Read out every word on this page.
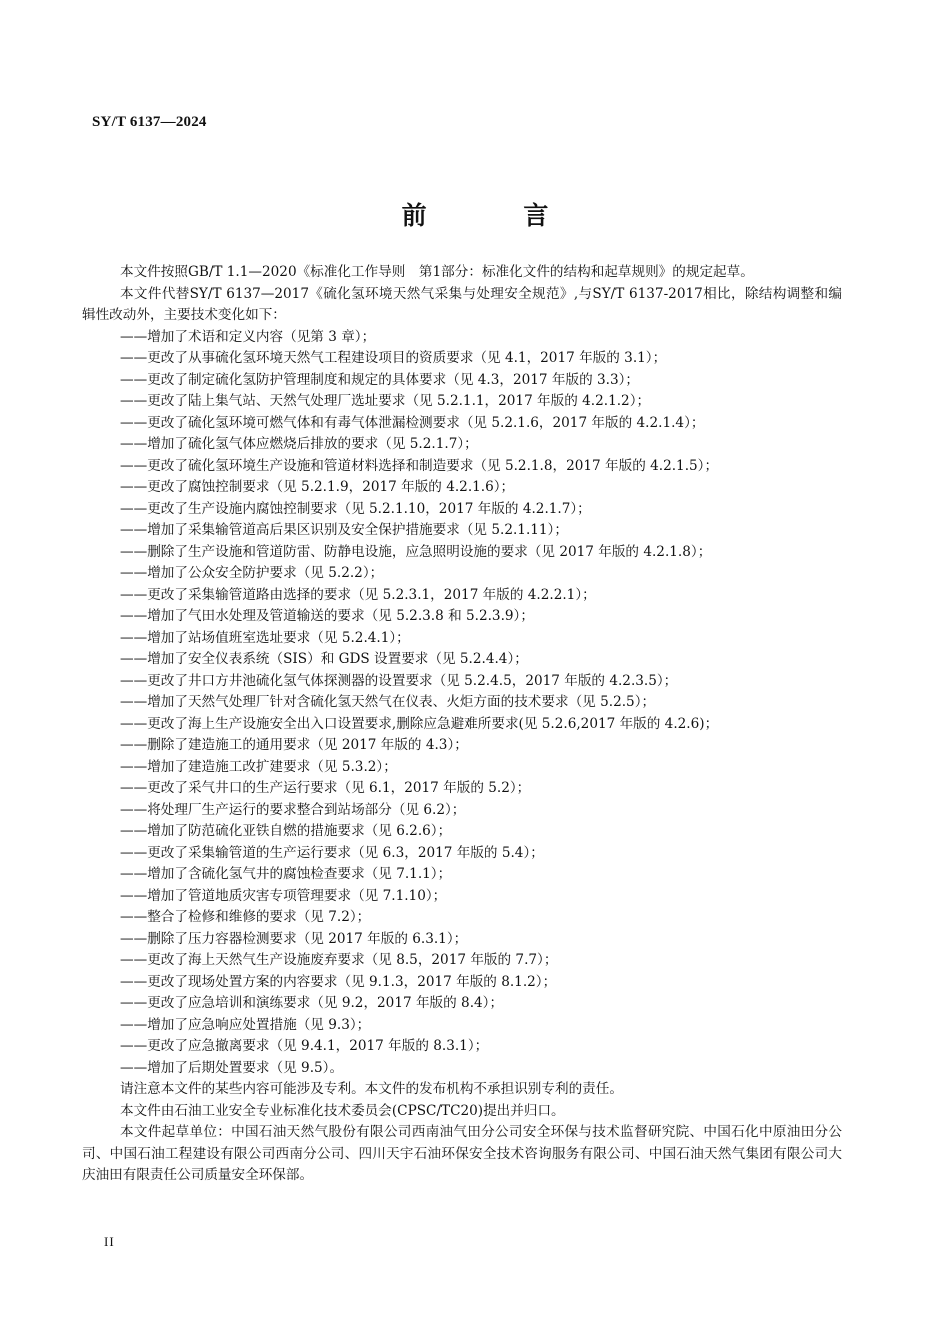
SY/T 6137—2024
前 言

本文件按照GB/T 1.1—2020《标准化工作导则　第1部分：标准化文件的结构和起草规则》的规定起草。

本文件代替SY/T 6137—2017《硫化氢环境天然气采集与处理安全规范》,与SY/T 6137-2017相比，除结构调整和编辑性改动外，主要技术变化如下：

——增加了术语和定义内容（见第 3 章）；
——更改了从事硫化氢环境天然气工程建设项目的资质要求（见 4.1，2017 年版的 3.1）；
——更改了制定硫化氢防护管理制度和规定的具体要求（见 4.3，2017 年版的 3.3）；
——更改了陆上集气站、天然气处理厂选址要求（见 5.2.1.1，2017 年版的 4.2.1.2）；
——更改了硫化氢环境可燃气体和有毒气体泄漏检测要求（见 5.2.1.6，2017 年版的 4.2.1.4）；
——增加了硫化氢气体应燃烧后排放的要求（见 5.2.1.7）；
——更改了硫化氢环境生产设施和管道材料选择和制造要求（见 5.2.1.8，2017 年版的 4.2.1.5）；
——更改了腐蚀控制要求（见 5.2.1.9，2017 年版的 4.2.1.6）；
——更改了生产设施内腐蚀控制要求（见 5.2.1.10，2017 年版的 4.2.1.7）；
——增加了采集输管道高后果区识别及安全保护措施要求（见 5.2.1.11）；
——删除了生产设施和管道防雷、防静电设施，应急照明设施的要求（见 2017 年版的 4.2.1.8）；
——增加了公众安全防护要求（见 5.2.2）；
——更改了采集输管道路由选择的要求（见 5.2.3.1，2017 年版的 4.2.2.1）；
——增加了气田水处理及管道输送的要求（见 5.2.3.8 和 5.2.3.9）；
——增加了站场值班室选址要求（见 5.2.4.1）；
——增加了安全仪表系统（SIS）和 GDS 设置要求（见 5.2.4.4）；
——更改了井口方井池硫化氢气体探测器的设置要求（见 5.2.4.5，2017 年版的 4.2.3.5）；
——增加了天然气处理厂针对含硫化氢天然气在仪表、火炬方面的技术要求（见 5.2.5）；
——更改了海上生产设施安全出入口设置要求,删除应急避难所要求(见 5.2.6,2017 年版的 4.2.6)；
——删除了建造施工的通用要求（见 2017 年版的 4.3）；
——增加了建造施工改扩建要求（见 5.3.2）；
——更改了采气井口的生产运行要求（见 6.1，2017 年版的 5.2）；
——将处理厂生产运行的要求整合到站场部分（见 6.2）；
——增加了防范硫化亚铁自燃的措施要求（见 6.2.6）；
——更改了采集输管道的生产运行要求（见 6.3，2017 年版的 5.4）；
——增加了含硫化氢气井的腐蚀检查要求（见 7.1.1）；
——增加了管道地质灾害专项管理要求（见 7.1.10）；
——整合了检修和维修的要求（见 7.2）；
——删除了压力容器检测要求（见 2017 年版的 6.3.1）；
——更改了海上天然气生产设施废弃要求（见 8.5，2017 年版的 7.7）；
——更改了现场处置方案的内容要求（见 9.1.3，2017 年版的 8.1.2）；
——更改了应急培训和演练要求（见 9.2，2017 年版的 8.4）；
——增加了应急响应处置措施（见 9.3）；
——更改了应急撤离要求（见 9.4.1，2017 年版的 8.3.1）；
——增加了后期处置要求（见 9.5）。

请注意本文件的某些内容可能涉及专利。本文件的发布机构不承担识别专利的责任。

本文件由石油工业安全专业标准化技术委员会(CPSC/TC20)提出并归口。

本文件起草单位：中国石油天然气股份有限公司西南油气田分公司安全环保与技术监督研究院、中国石化中原油田分公司、中国石油工程建设有限公司西南分公司、四川天宇石油环保安全技术咨询服务有限公司、中国石油天然气集团有限公司大庆油田有限责任公司质量安全环保部。

II
